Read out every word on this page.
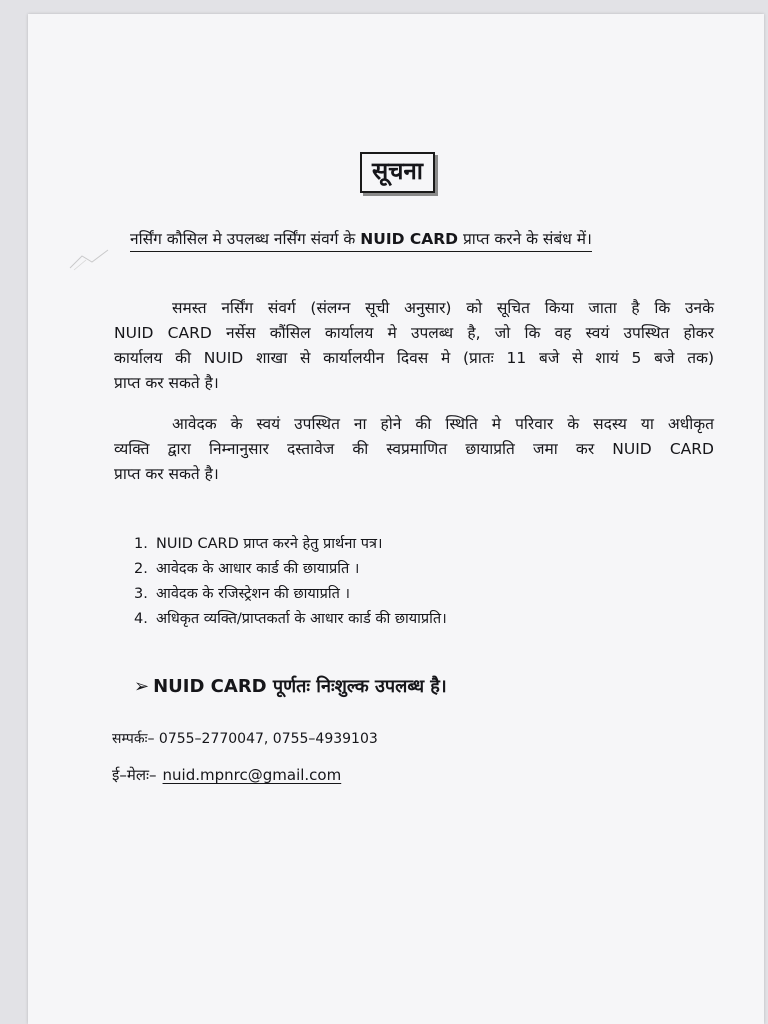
सूचना
नर्सिंग कौसिल मे उपलब्ध नर्सिंग संवर्ग के NUID CARD प्राप्त करने के संबंध में।
समस्त नर्सिंग संवर्ग (संलग्न सूची अनुसार) को सूचित किया जाता है कि उनके
NUID CARD नर्सेस कौंसिल कार्यालय मे उपलब्ध है, जो कि वह स्वयं उपस्थित होकर
कार्यालय की NUID शाखा से कार्यालयीन दिवस मे (प्रातः 11 बजे से शायं 5 बजे तक)
प्राप्त कर सकते है।
आवेदक के स्वयं उपस्थित ना होने की स्थिति मे परिवार के सदस्य या अधीकृत
व्यक्ति द्वारा निम्नानुसार दस्तावेज की स्वप्रमाणित छायाप्रति जमा कर NUID CARD
प्राप्त कर सकते है।
1. NUID CARD प्राप्त करने हेतु प्रार्थना पत्र।
2. आवेदक के आधार कार्ड की छायाप्रति ।
3. आवेदक के रजिस्ट्रेशन की छायाप्रति ।
4. अधिकृत व्यक्ति/प्राप्तकर्ता के आधार कार्ड की छायाप्रति।
➢ NUID CARD पूर्णतः निःशुल्क उपलब्ध है।
सम्पर्कः– 0755–2770047, 0755–4939103
ई–मेलः– nuid.mpnrc@gmail.com
